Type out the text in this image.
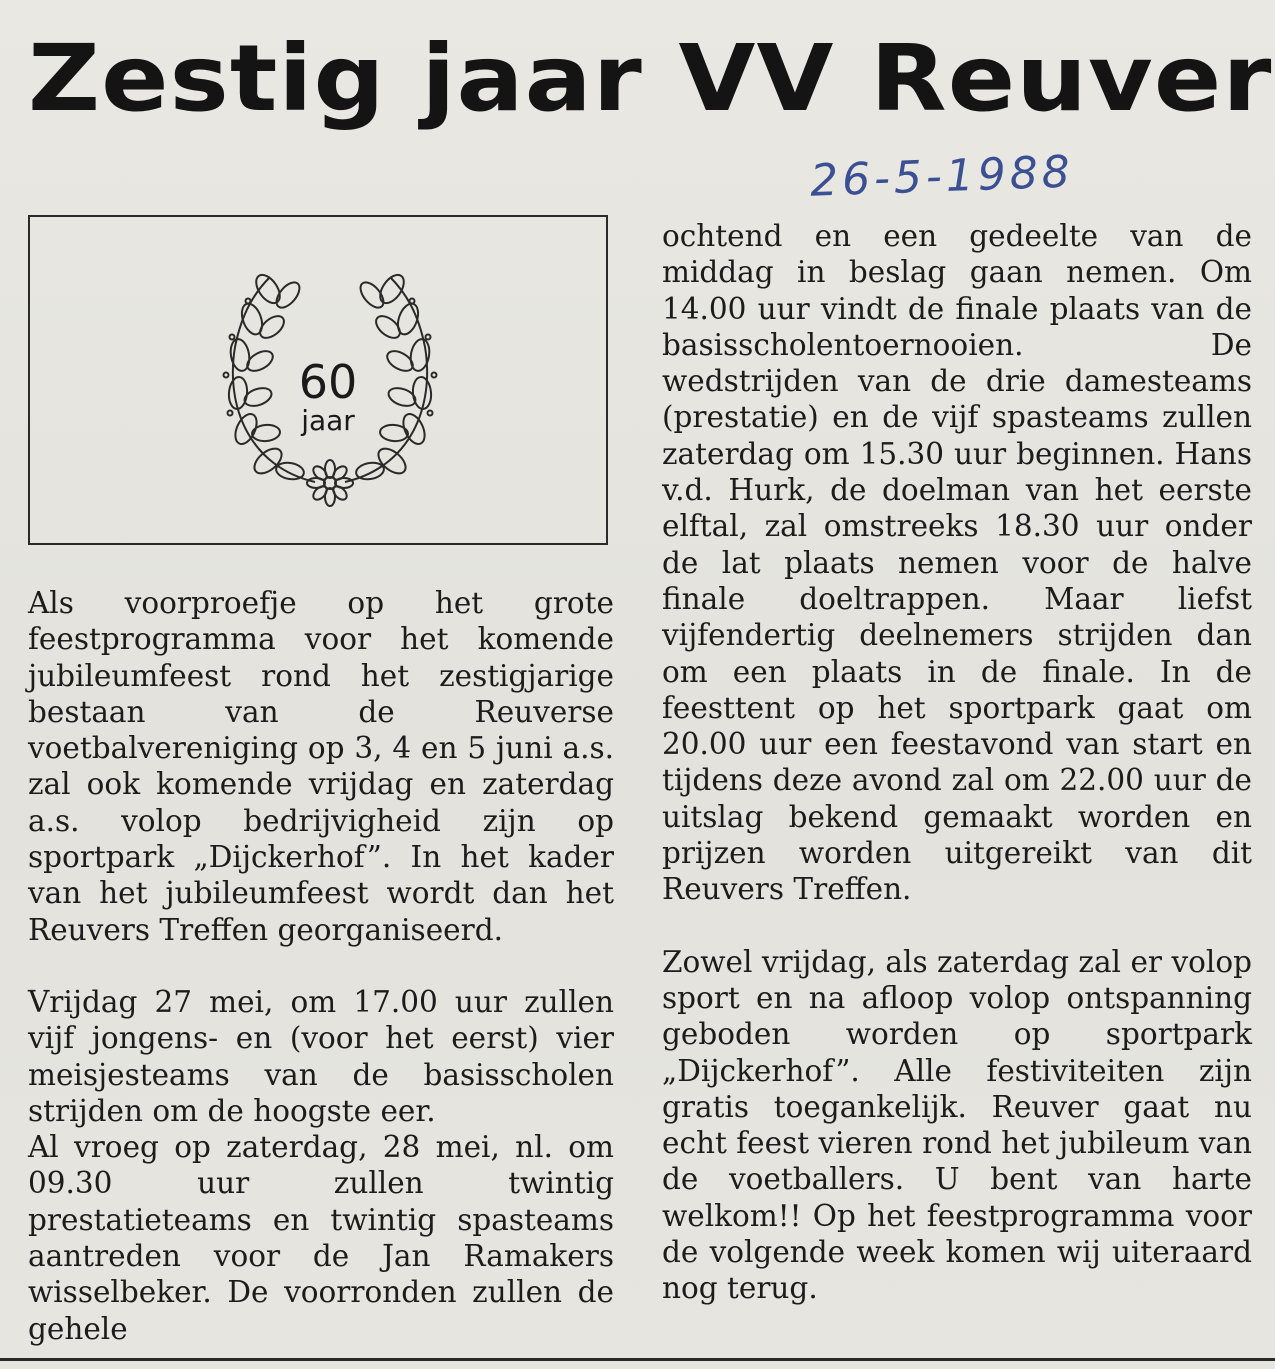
Zestig jaar VV Reuver
26-5-1988
60
jaar

Als voorproefje op het grote feestprogramma voor het komende jubileumfeest rond het zestigjarige bestaan van de Reuverse voetbalvereniging op 3, 4 en 5 juni a.s. zal ook komende vrijdag en zaterdag a.s. volop bedrijvigheid zijn op sportpark „Dijckerhof”. In het kader van het jubileumfeest wordt dan het Reuvers Treffen georganiseerd.

Vrijdag 27 mei, om 17.00 uur zullen vijf jongens- en (voor het eerst) vier meisjesteams van de basisscholen strijden om de hoogste eer.

Al vroeg op zaterdag, 28 mei, nl. om 09.30 uur zullen twintig prestatieteams en twintig spasteams aantreden voor de Jan Ramakers wisselbeker. De voorronden zullen de gehele

ochtend en een gedeelte van de middag in beslag gaan nemen. Om 14.00 uur vindt de finale plaats van de basisscholentoernooien. De wedstrijden van de drie damesteams (prestatie) en de vijf spasteams zullen zaterdag om 15.30 uur beginnen. Hans v.d. Hurk, de doelman van het eerste elftal, zal omstreeks 18.30 uur onder de lat plaats nemen voor de halve finale doeltrappen. Maar liefst vijfendertig deelnemers strijden dan om een plaats in de finale. In de feesttent op het sportpark gaat om 20.00 uur een feestavond van start en tijdens deze avond zal om 22.00 uur de uitslag bekend gemaakt worden en prijzen worden uitgereikt van dit Reuvers Treffen.

Zowel vrijdag, als zaterdag zal er volop sport en na afloop volop ontspanning geboden worden op sportpark „Dijckerhof”. Alle festiviteiten zijn gratis toegankelijk. Reuver gaat nu echt feest vieren rond het jubileum van de voetballers. U bent van harte welkom!! Op het feestprogramma voor de volgende week komen wij uiteraard nog terug.
